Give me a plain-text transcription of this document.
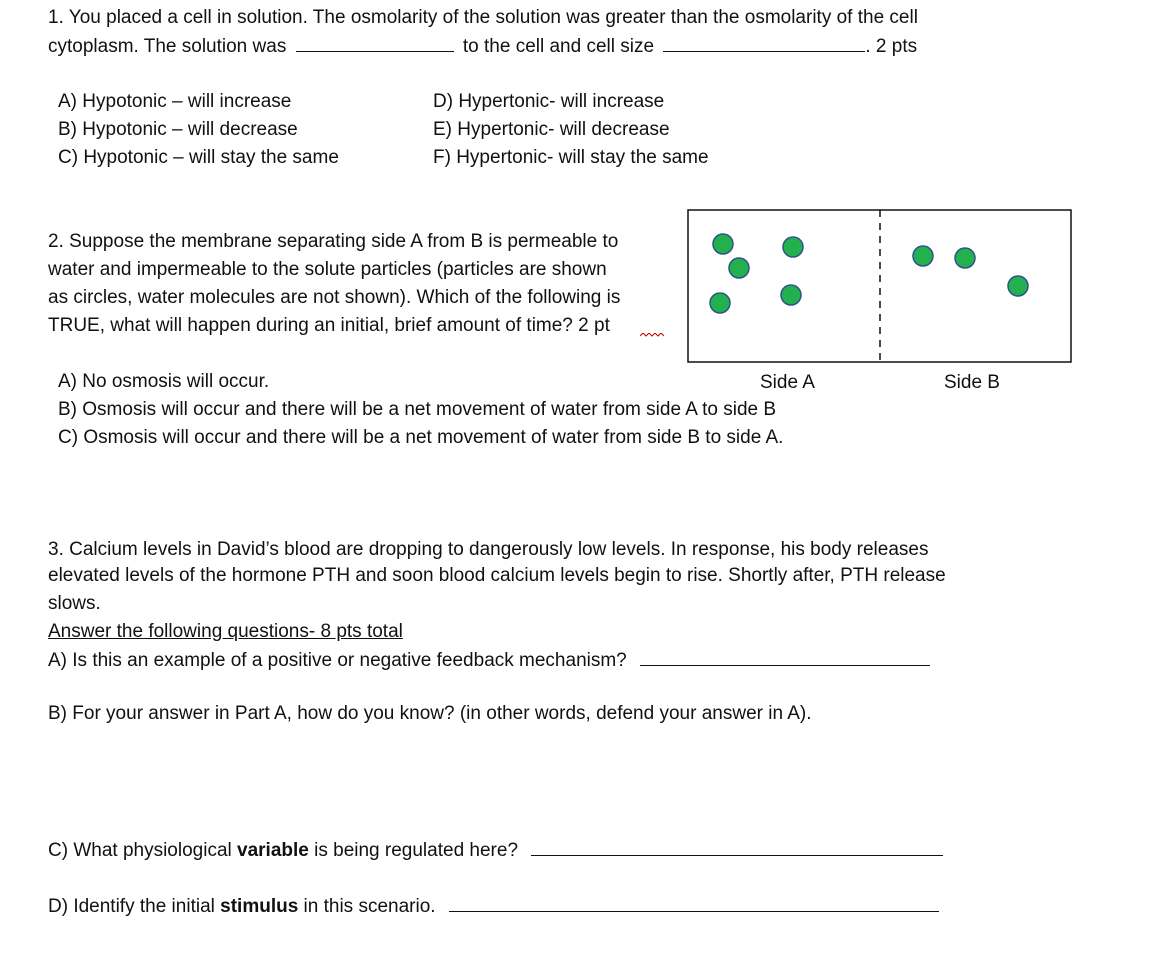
1. You placed a cell in solution. The osmolarity of the solution was greater than the osmolarity of the cell
cytoplasm. The solution was	to the cell and cell size	. 2 pts
A) Hypotonic – will increase
B) Hypotonic – will decrease
C) Hypotonic – will stay the same
D) Hypertonic- will increase
E) Hypertonic- will decrease
F) Hypertonic- will stay the same
2. Suppose the membrane separating side A from B is permeable to
water and impermeable to the solute particles (particles are shown
as circles, water molecules are not shown). Which of the following is
TRUE, what will happen during an initial, brief amount of time? 2 pt
Side A	Side B
A) No osmosis will occur.
B) Osmosis will occur and there will be a net movement of water from side A to side B
C) Osmosis will occur and there will be a net movement of water from side B to side A.
3. Calcium levels in David’s blood are dropping to dangerously low levels. In response, his body releases
elevated levels of the hormone PTH and soon blood calcium levels begin to rise. Shortly after, PTH release
slows.
Answer the following questions- 8 pts total
A) Is this an example of a positive or negative feedback mechanism?
B) For your answer in Part A, how do you know? (in other words, defend your answer in A).
C) What physiological variable is being regulated here?
D) Identify the initial stimulus in this scenario.
